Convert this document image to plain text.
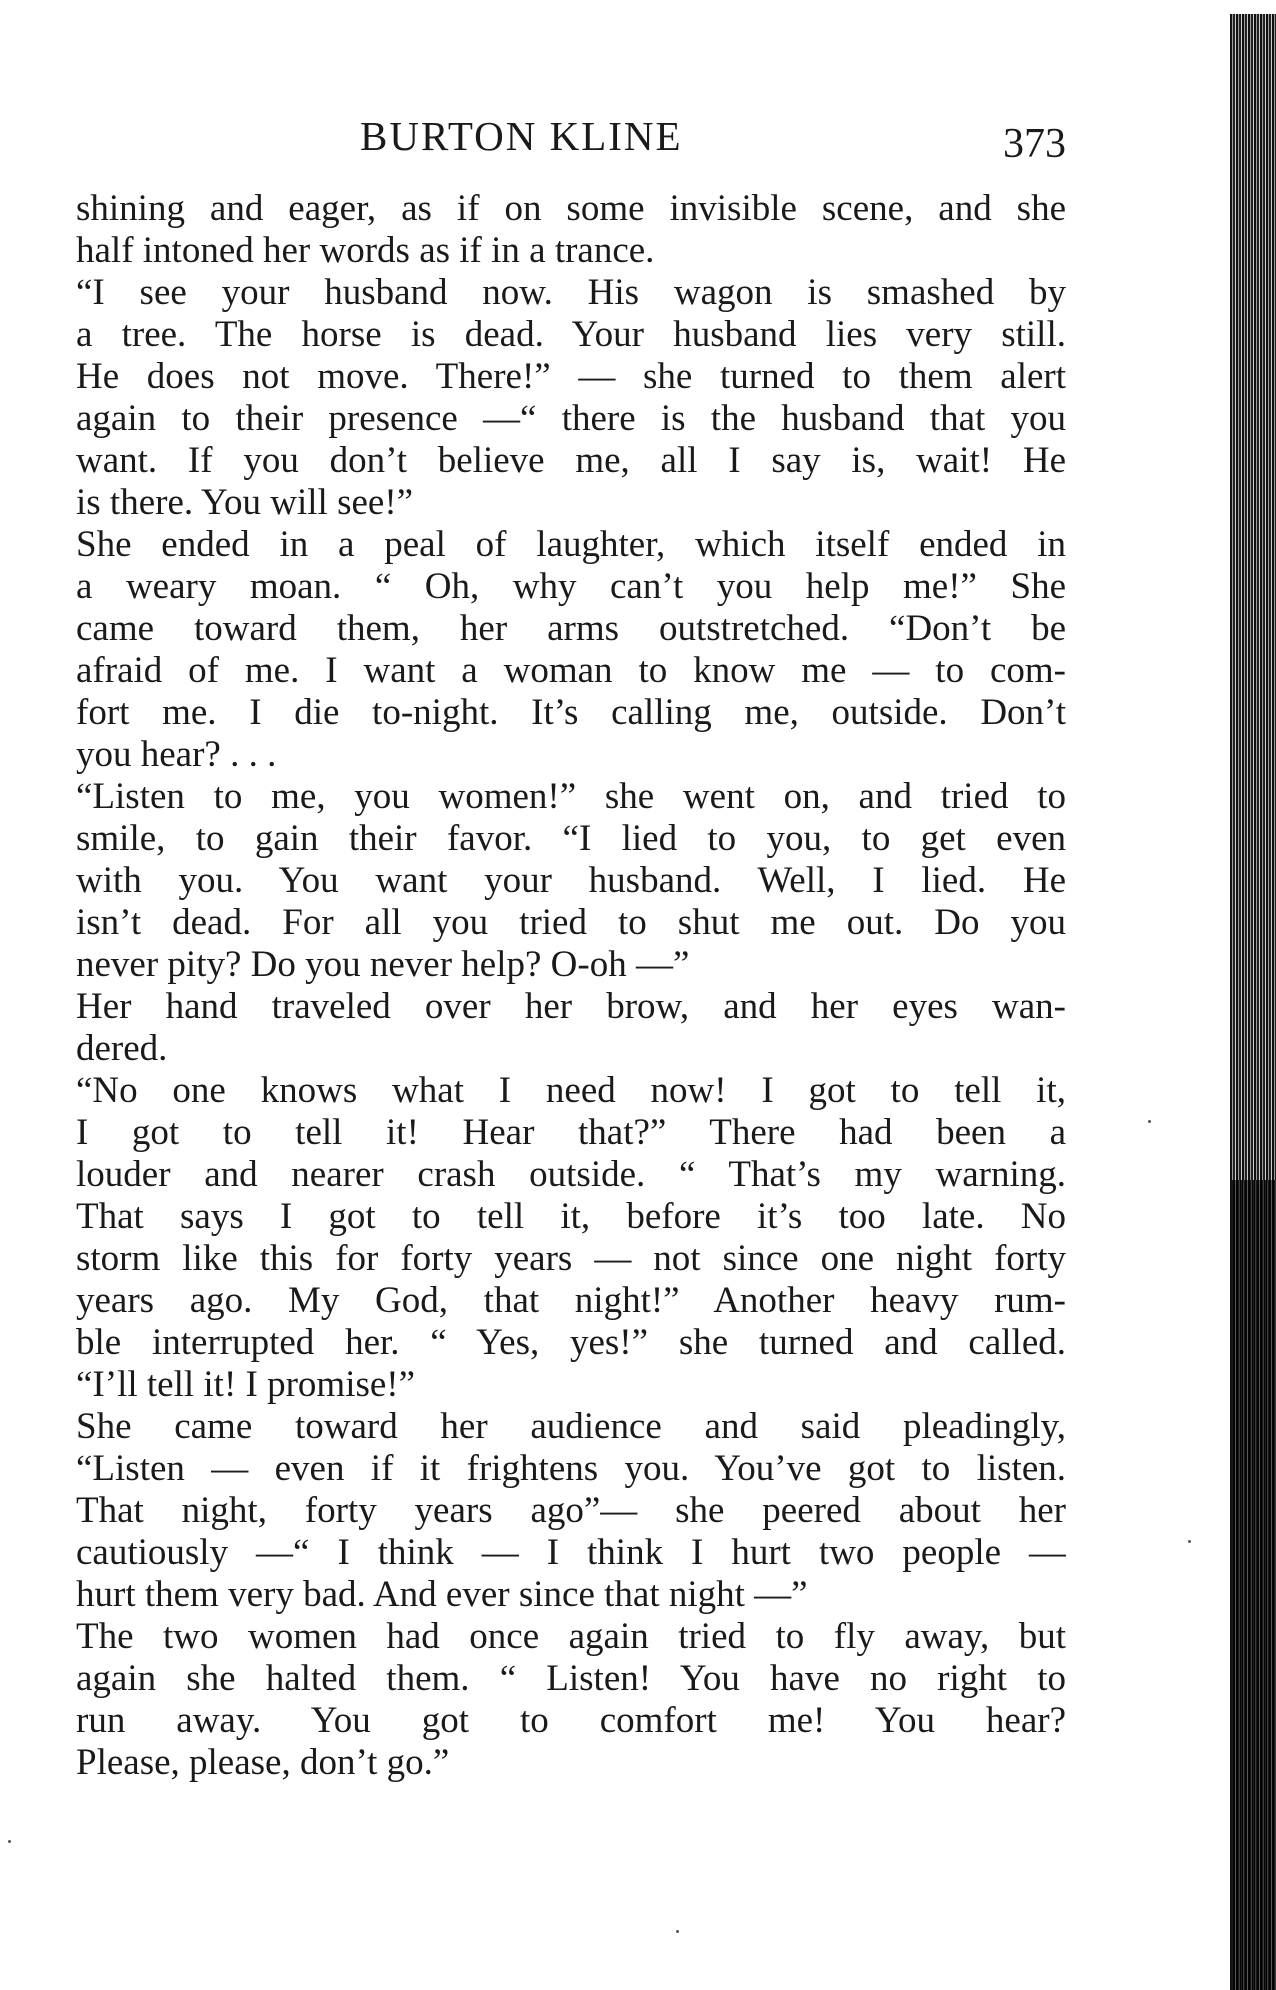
BURTON KLINE	373
shining and eager, as if on some invisible scene, and she
half intoned her words as if in a trance.
“I see your husband now. His wagon is smashed by
a tree. The horse is dead. Your husband lies very still.
He does not move. There!” — she turned to them alert
again to their presence —“ there is the husband that you
want. If you don’t believe me, all I say is, wait! He
is there. You will see!”
She ended in a peal of laughter, which itself ended in
a weary moan. “ Oh, why can’t you help me!” She
came toward them, her arms outstretched. “Don’t be
afraid of me. I want a woman to know me — to com-
fort me. I die to-night. It’s calling me, outside. Don’t
you hear? . . .
“Listen to me, you women!” she went on, and tried to
smile, to gain their favor. “I lied to you, to get even
with you. You want your husband. Well, I lied. He
isn’t dead. For all you tried to shut me out. Do you
never pity? Do you never help? O-oh —”
Her hand traveled over her brow, and her eyes wan-
dered.
“No one knows what I need now! I got to tell it,
I got to tell it! Hear that?” There had been a
louder and nearer crash outside. “ That’s my warning.
That says I got to tell it, before it’s too late. No
storm like this for forty years — not since one night forty
years ago. My God, that night!” Another heavy rum-
ble interrupted her. “ Yes, yes!” she turned and called.
“I’ll tell it! I promise!”
She came toward her audience and said pleadingly,
“Listen — even if it frightens you. You’ve got to listen.
That night, forty years ago”— she peered about her
cautiously —“ I think — I think I hurt two people —
hurt them very bad. And ever since that night —”
The two women had once again tried to fly away, but
again she halted them. “ Listen! You have no right to
run away. You got to comfort me! You hear?
Please, please, don’t go.”
